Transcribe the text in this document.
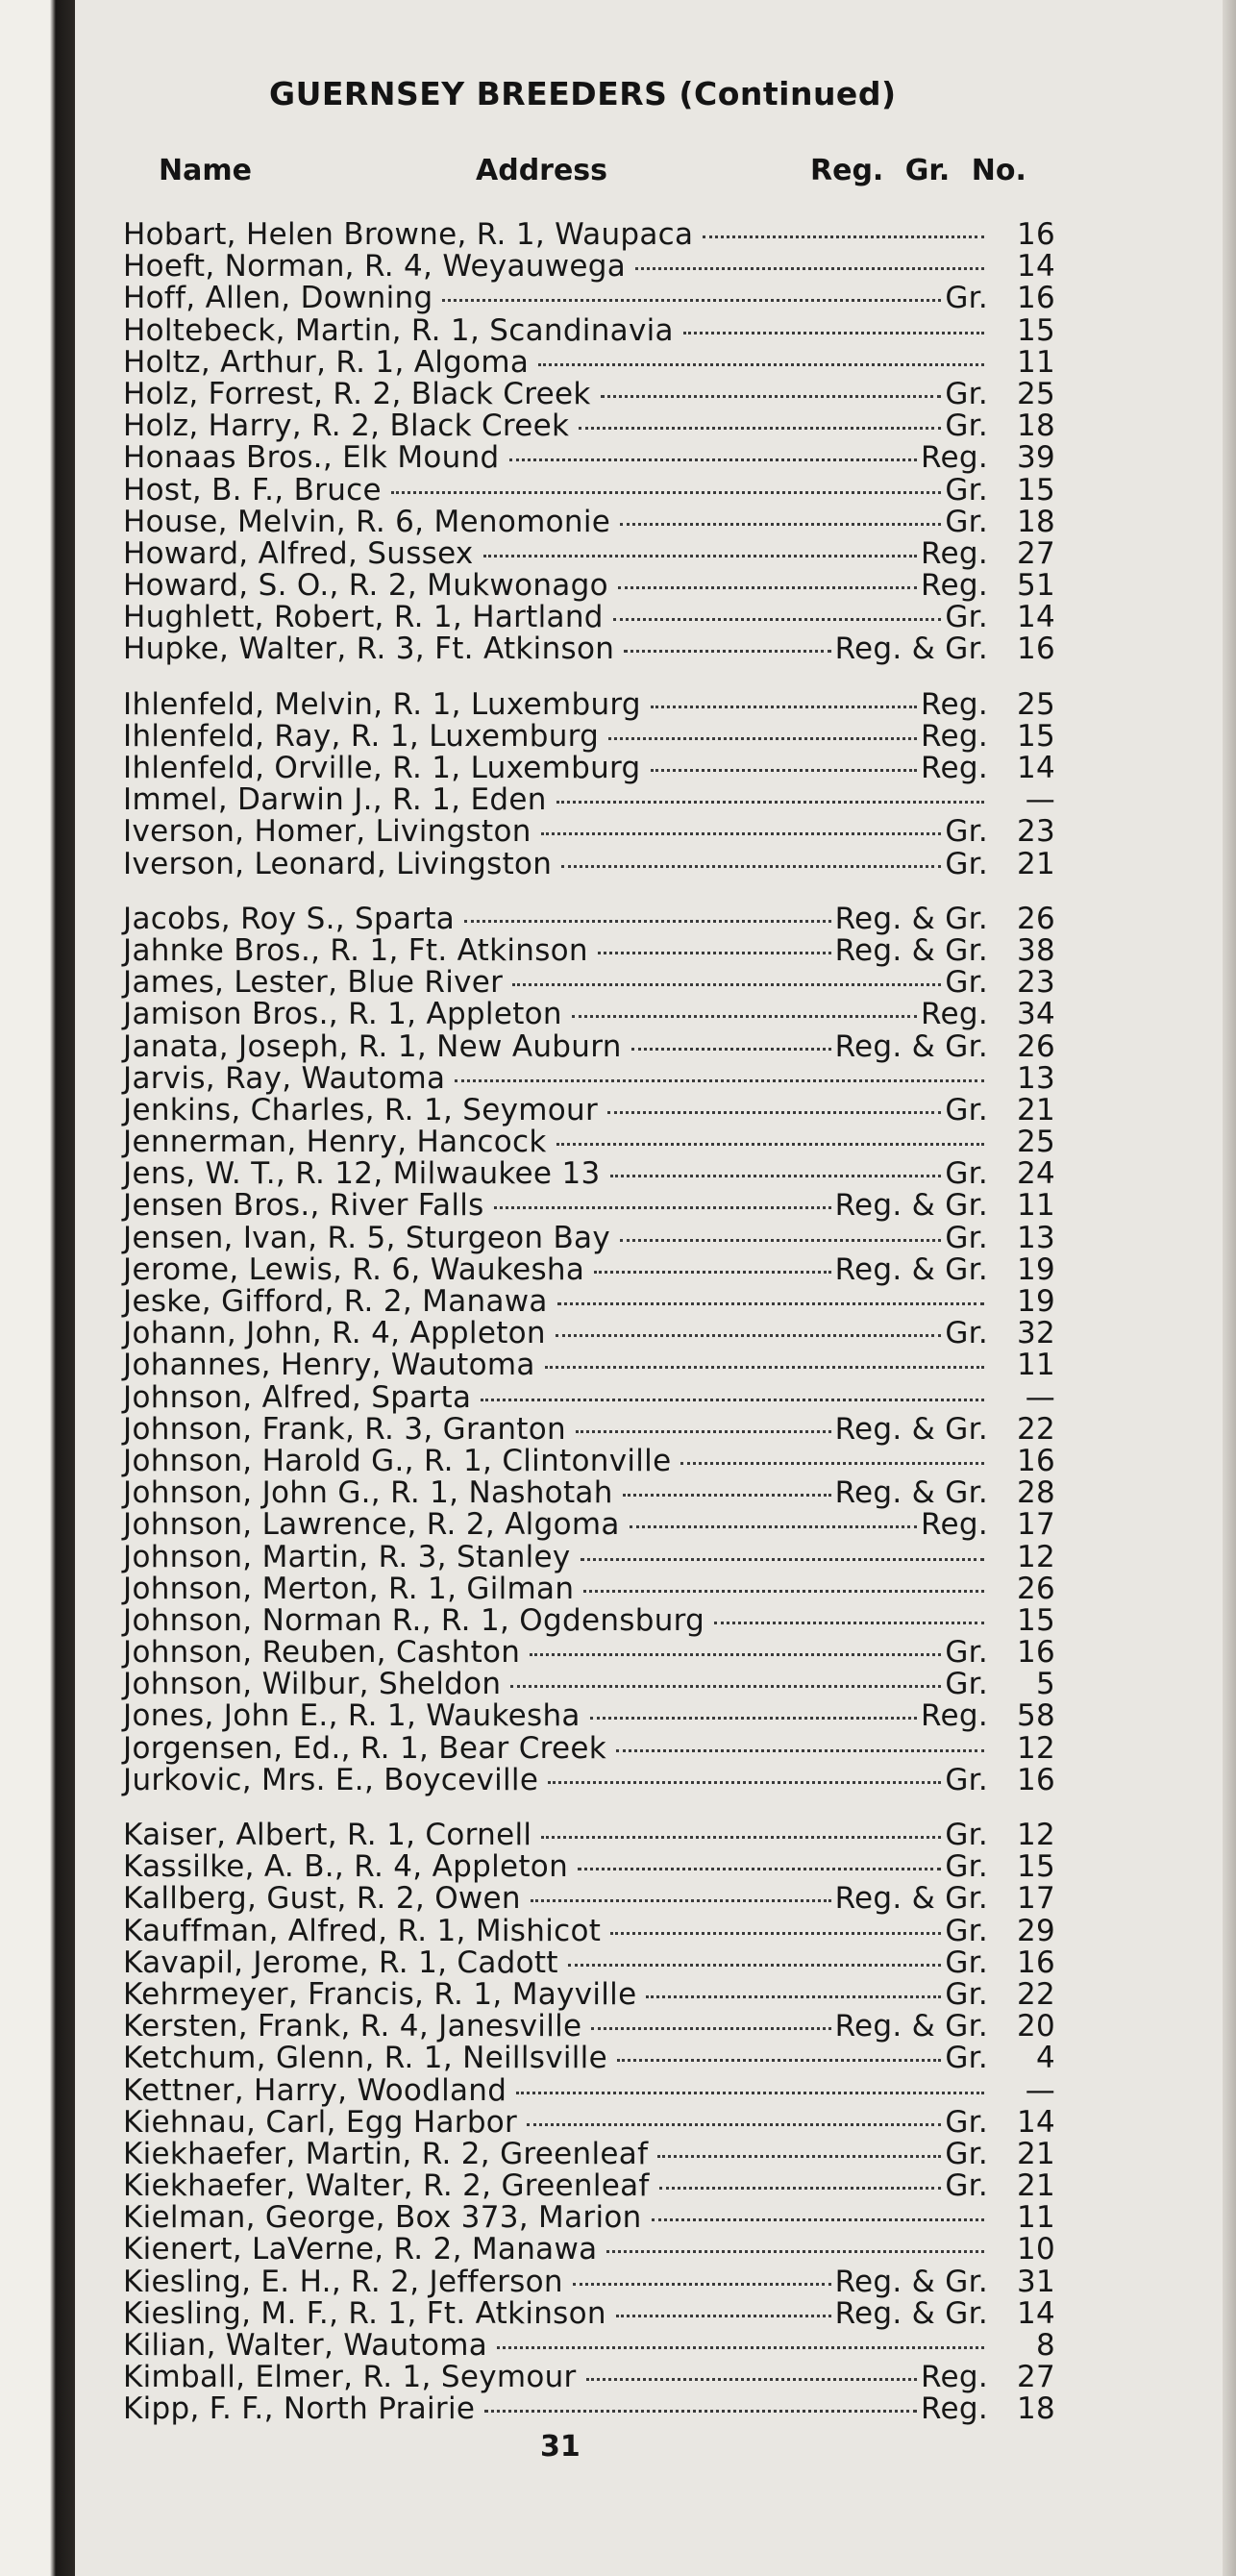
GUERNSEY BREEDERS (Continued)
Name	Address	Reg. Gr. No.
Hobart, Helen Browne, R. 1, Waupaca	16
Hoeft, Norman, R. 4, Weyauwega	14
Hoff, Allen, Downing	Gr. 16
Holtebeck, Martin, R. 1, Scandinavia	15
Holtz, Arthur, R. 1, Algoma	11
Holz, Forrest, R. 2, Black Creek	Gr. 25
Holz, Harry, R. 2, Black Creek	Gr. 18
Honaas Bros., Elk Mound	Reg. 39
Host, B. F., Bruce	Gr. 15
House, Melvin, R. 6, Menomonie	Gr. 18
Howard, Alfred, Sussex	Reg. 27
Howard, S. O., R. 2, Mukwonago	Reg. 51
Hughlett, Robert, R. 1, Hartland	Gr. 14
Hupke, Walter, R. 3, Ft. Atkinson	Reg. & Gr. 16
Ihlenfeld, Melvin, R. 1, Luxemburg	Reg. 25
Ihlenfeld, Ray, R. 1, Luxemburg	Reg. 15
Ihlenfeld, Orville, R. 1, Luxemburg	Reg. 14
Immel, Darwin J., R. 1, Eden	—
Iverson, Homer, Livingston	Gr. 23
Iverson, Leonard, Livingston	Gr. 21
Jacobs, Roy S., Sparta	Reg. & Gr. 26
Jahnke Bros., R. 1, Ft. Atkinson	Reg. & Gr. 38
James, Lester, Blue River	Gr. 23
Jamison Bros., R. 1, Appleton	Reg. 34
Janata, Joseph, R. 1, New Auburn	Reg. & Gr. 26
Jarvis, Ray, Wautoma	13
Jenkins, Charles, R. 1, Seymour	Gr. 21
Jennerman, Henry, Hancock	25
Jens, W. T., R. 12, Milwaukee 13	Gr. 24
Jensen Bros., River Falls	Reg. & Gr. 11
Jensen, Ivan, R. 5, Sturgeon Bay	Gr. 13
Jerome, Lewis, R. 6, Waukesha	Reg. & Gr. 19
Jeske, Gifford, R. 2, Manawa	19
Johann, John, R. 4, Appleton	Gr. 32
Johannes, Henry, Wautoma	11
Johnson, Alfred, Sparta	—
Johnson, Frank, R. 3, Granton	Reg. & Gr. 22
Johnson, Harold G., R. 1, Clintonville	16
Johnson, John G., R. 1, Nashotah	Reg. & Gr. 28
Johnson, Lawrence, R. 2, Algoma	Reg. 17
Johnson, Martin, R. 3, Stanley	12
Johnson, Merton, R. 1, Gilman	26
Johnson, Norman R., R. 1, Ogdensburg	15
Johnson, Reuben, Cashton	Gr. 16
Johnson, Wilbur, Sheldon	Gr.	5
Jones, John E., R. 1, Waukesha	Reg. 58
Jorgensen, Ed., R. 1, Bear Creek	12
Jurkovic, Mrs. E., Boyceville	Gr. 16
Kaiser, Albert, R. 1, Cornell	Gr. 12
Kassilke, A. B., R. 4, Appleton	Gr. 15
Kallberg, Gust, R. 2, Owen	Reg. & Gr. 17
Kauffman, Alfred, R. 1, Mishicot	Gr. 29
Kavapil, Jerome, R. 1, Cadott	Gr. 16
Kehrmeyer, Francis, R. 1, Mayville	Gr. 22
Kersten, Frank, R. 4, Janesville	Reg. & Gr. 20
Ketchum, Glenn, R. 1, Neillsville	Gr.	4
Kettner, Harry, Woodland	—
Kiehnau, Carl, Egg Harbor	Gr. 14
Kiekhaefer, Martin, R. 2, Greenleaf	Gr. 21
Kiekhaefer, Walter, R. 2, Greenleaf	Gr. 21
Kielman, George, Box 373, Marion	11
Kienert, LaVerne, R. 2, Manawa	10
Kiesling, E. H., R. 2, Jefferson	Reg. & Gr. 31
Kiesling, M. F., R. 1, Ft. Atkinson	Reg. & Gr. 14
Kilian, Walter, Wautoma	8
Kimball, Elmer, R. 1, Seymour	Reg. 27
Kipp, F. F., North Prairie	Reg. 18
31
